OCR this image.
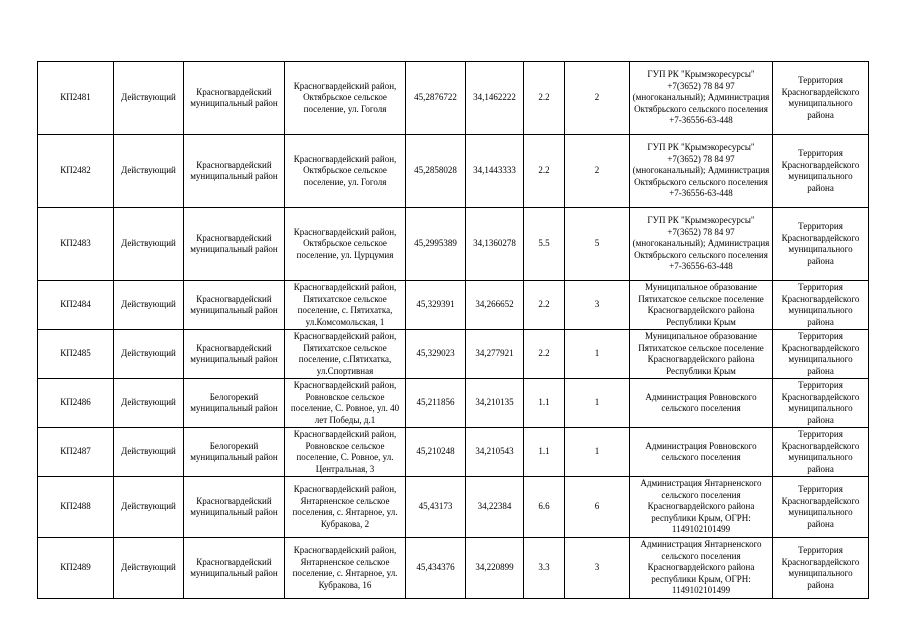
КП2481	Действующий	Красногвардейский муниципальный район	Красногвардейский район, Октябрьское сельское поселение, ул. Гоголя	45,2876722	34,1462222	2.2	2	ГУП РК "Крымэкоресурсы" +7(3652) 78 84 97 (многоканальный); Администрация Октябрьского сельского поселения +7-36556-63-448	Территория Красногвардейского муниципального района
КП2482	Действующий	Красногвардейский муниципальный район	Красногвардейский район, Октябрьское сельское поселение, ул. Гоголя	45,2858028	34,1443333	2.2	2	ГУП РК "Крымэкоресурсы" +7(3652) 78 84 97 (многоканальный); Администрация Октябрьского сельского поселения +7-36556-63-448	Территория Красногвардейского муниципального района
КП2483	Действующий	Красногвардейский муниципальный район	Красногвардейский район, Октябрьское сельское поселение, ул. Цурцумия	45,2995389	34,1360278	5.5	5	ГУП РК "Крымэкоресурсы" +7(3652) 78 84 97 (многоканальный); Администрация Октябрьского сельского поселения +7-36556-63-448	Территория Красногвардейского муниципального района
КП2484	Действующий	Красногвардейский муниципальный район	Красногвардейский район, Пятихатское сельское поселение, с. Пятихатка, ул.Комсомольская, 1	45,329391	34,266652	2.2	3	Муниципальное образование Пятихатское сельское поселение Красногвардейского района Республики Крым	Территория Красногвардейского муниципального района
КП2485	Действующий	Красногвардейский муниципальный район	Красногвардейский район, Пятихатское сельское поселение, с.Пятихатка, ул.Спортивная	45,329023	34,277921	2.2	1	Муниципальное образование Пятихатское сельское поселение Красногвардейского района Республики Крым	Территория Красногвардейского муниципального района
КП2486	Действующий	Белогорекий муниципальный район	Красногвардейский район, Ровновское сельское поселение, С. Ровное, ул. 40 лет Победы, д.1	45,211856	34,210135	1.1	1	Администрация Ровновского сельского поселения	Территория Красногвардейского муниципального района
КП2487	Действующий	Белогорекий муниципальный район	Красногвардейский район, Ровновское сельское поселение, С. Ровное, ул. Центральная, 3	45,210248	34,210543	1.1	1	Администрация Ровновского сельского поселения	Территория Красногвардейского муниципального района
КП2488	Действующий	Красногвардейский муниципальный район	Красногвардейский район, Янтарненское сельское поселения, с. Янтарное, ул. Кубракова, 2	45,43173	34,22384	6.6	6	Администрация Янтарненского сельского поселения Красногвардейского района республики Крым, ОГРН: 1149102101499	Территория Красногвардейского муниципального района
КП2489	Действующий	Красногвардейский муниципальный район	Красногвардейский район, Янтарненское сельское поселение, с. Янтарное, ул. Кубракова, 16	45,434376	34,220899	3.3	3	Администрация Янтарненского сельского поселения Красногвардейского района республики Крым, ОГРН: 1149102101499	Территория Красногвардейского муниципального района
